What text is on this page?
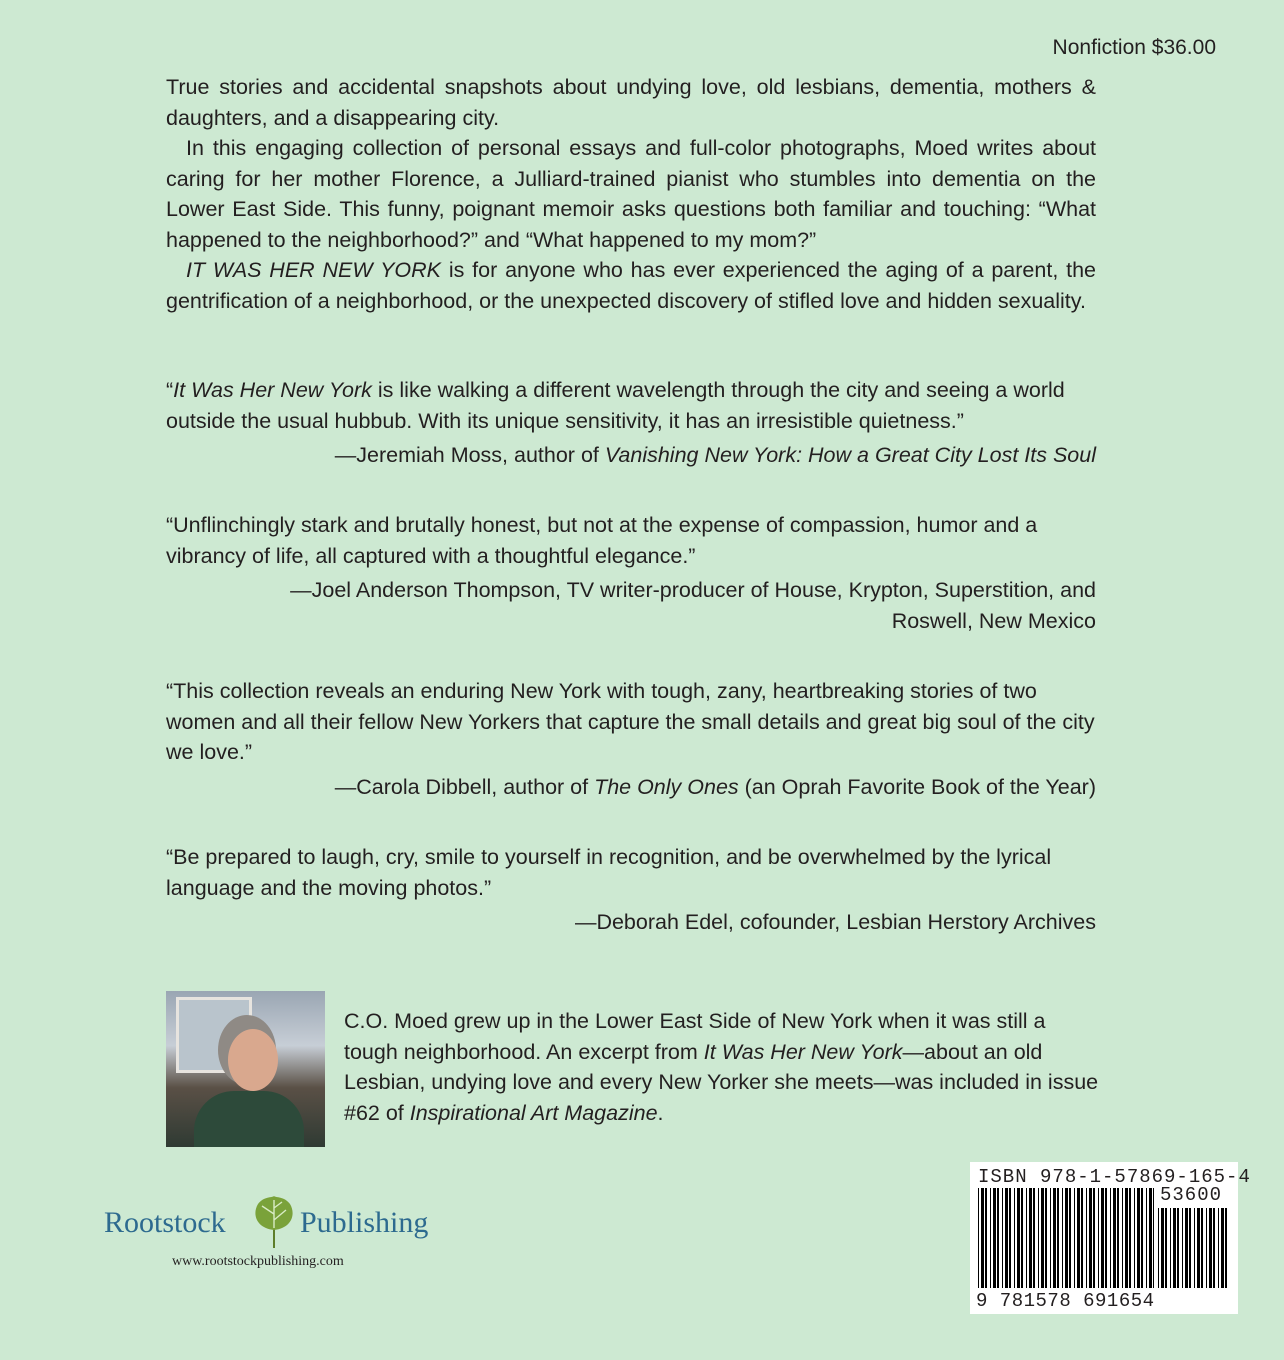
Nonfiction $36.00

True stories and accidental snapshots about undying love, old lesbians, dementia, mothers & daughters, and a disappearing city.

In this engaging collection of personal essays and full-color photographs, Moed writes about caring for her mother Florence, a Julliard-trained pianist who stumbles into dementia on the Lower East Side. This funny, poignant memoir asks questions both familiar and touching: “What happened to the neighborhood?” and “What happened to my mom?”

IT WAS HER NEW YORK is for anyone who has ever experienced the aging of a parent, the gentrification of a neighborhood, or the unexpected discovery of stifled love and hidden sexuality.

“It Was Her New York is like walking a different wavelength through the city and seeing a world outside the usual hubbub. With its unique sensitivity, it has an irresistible quietness.”

—Jeremiah Moss, author of Vanishing New York: How a Great City Lost Its Soul

“Unflinchingly stark and brutally honest, but not at the expense of compassion, humor and a vibrancy of life, all captured with a thoughtful elegance.”

—Joel Anderson Thompson, TV writer-producer of House, Krypton, Superstition, and
Roswell, New Mexico

“This collection reveals an enduring New York with tough, zany, heartbreaking stories of two women and all their fellow New Yorkers that capture the small details and great big soul of the city we love.”

—Carola Dibbell, author of The Only Ones (an Oprah Favorite Book of the Year)

“Be prepared to laugh, cry, smile to yourself in recognition, and be overwhelmed by the lyrical language and the moving photos.”

—Deborah Edel, cofounder, Lesbian Herstory Archives

C.O. Moed grew up in the Lower East Side of New York when it was still a tough neighborhood. An excerpt from It Was Her New York—about an old Lesbian, undying love and every New Yorker she meets—was included in issue #62 of Inspirational Art Magazine.

Rootstock Publishing
www.rootstockpublishing.com
ISBN 978-1-57869-165-4
53600
9 781578 691654
